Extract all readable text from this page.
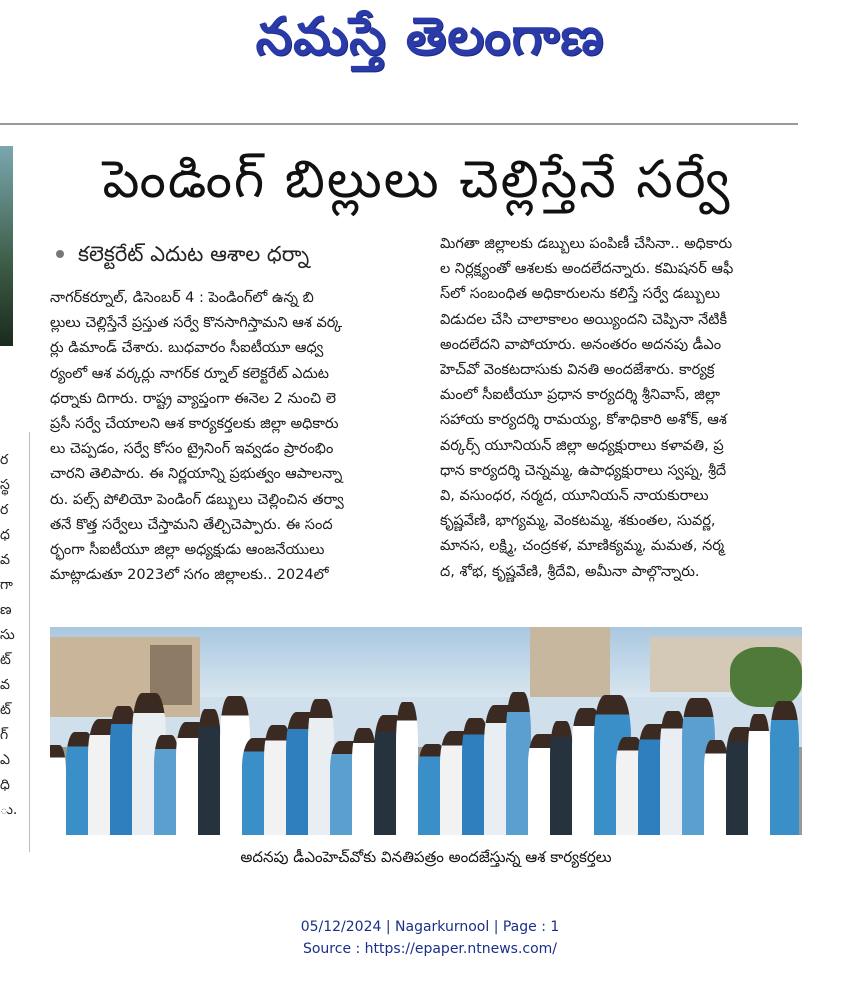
నమస్తే తెలంగాణ

ర
స్థ
ర
ధ
వ
గా
ణ
సు
ట్
వ
ట్
గ్
ఎ
ధి
ు.
పెండింగ్ బిల్లులు చెల్లిస్తేనే సర్వే
కలెక్టరేట్ ఎదుట ఆశాల ధర్నా

నాగర్‌కర్నూల్, డిసెంబర్ 4 : పెండింగ్‌లో ఉన్న బి

ల్లులు చెల్లిస్తేనే ప్రస్తుత సర్వే కొనసాగిస్తామని ఆశ వర్క

ర్లు డిమాండ్ చేశారు. బుధవారం సీఐటీయూ ఆధ్వ

ర్యంలో ఆశ వర్కర్లు నాగర్‌క ర్నూల్ కలెక్టరేట్ ఎదుట

ధర్నాకు దిగారు. రాష్ట్ర వ్యాప్తంగా ఈనెల 2 నుంచి లె

ప్రసీ సర్వే చేయాలని ఆశ కార్యకర్తలకు జిల్లా అధికారు

లు చెప్పడం, సర్వే కోసం ట్రైనింగ్ ఇవ్వడం ప్రారంభిం

చారని తెలిపారు. ఈ నిర్ణయాన్ని ప్రభుత్వం ఆపాలన్నా

రు. పల్స్ పోలియో పెండింగ్ డబ్బులు చెల్లించిన తర్వా

తనే కొత్త సర్వేలు చేస్తామని తేల్చిచెప్పారు. ఈ సంద

ర్భంగా సీఐటీయూ జిల్లా అధ్యక్షుడు ఆంజనేయులు

మాట్లాడుతూ 2023లో సగం జిల్లాలకు.. 2024లో

మిగతా జిల్లాలకు డబ్బులు పంపిణీ చేసినా.. అధికారు

ల నిర్లక్ష్యంతో ఆశలకు అందలేదన్నారు. కమిషనర్ ఆఫీ

స్‌లో సంబంధిత అధికారులను కలిస్తే సర్వే డబ్బులు

విడుదల చేసి చాలాకాలం అయ్యిందని చెప్పినా నేటికీ

అందలేదని వాపోయారు. అనంతరం అదనపు డీఎం

హెచ్‌వో వెంకటదాసుకు వినతి అందజేశారు. కార్యక్ర

మంలో సీఐటీయూ ప్రధాన కార్యదర్శి శ్రీనివాస్, జిల్లా

సహాయ కార్యదర్శి రామయ్య, కోశాధికారి అశోక్, ఆశ

వర్కర్స్ యూనియన్ జిల్లా అధ్యక్షురాలు కళావతి, ప్ర

ధాన కార్యదర్శి చెన్నమ్మ, ఉపాధ్యక్షురాలు స్వప్న, శ్రీదే

వి, వసుంధర, నర్మద, యూనియన్ నాయకురాలు

కృష్ణవేణి, భాగ్యమ్మ, వెంకటమ్మ, శకుంతల, సువర్ణ,

మానస, లక్ష్మి, చంద్రకళ, మాణిక్యమ్మ, మమత, నర్మ

ద, శోభ, కృష్ణవేణి, శ్రీదేవి, అమీనా పాల్గొన్నారు.

అదనపు డీఎంహెచ్‌వోకు వినతిపత్రం అందజేస్తున్న ఆశ కార్యకర్తలు
05/12/2024 | Nagarkurnool | Page : 1
Source : https://epaper.ntnews.com/
